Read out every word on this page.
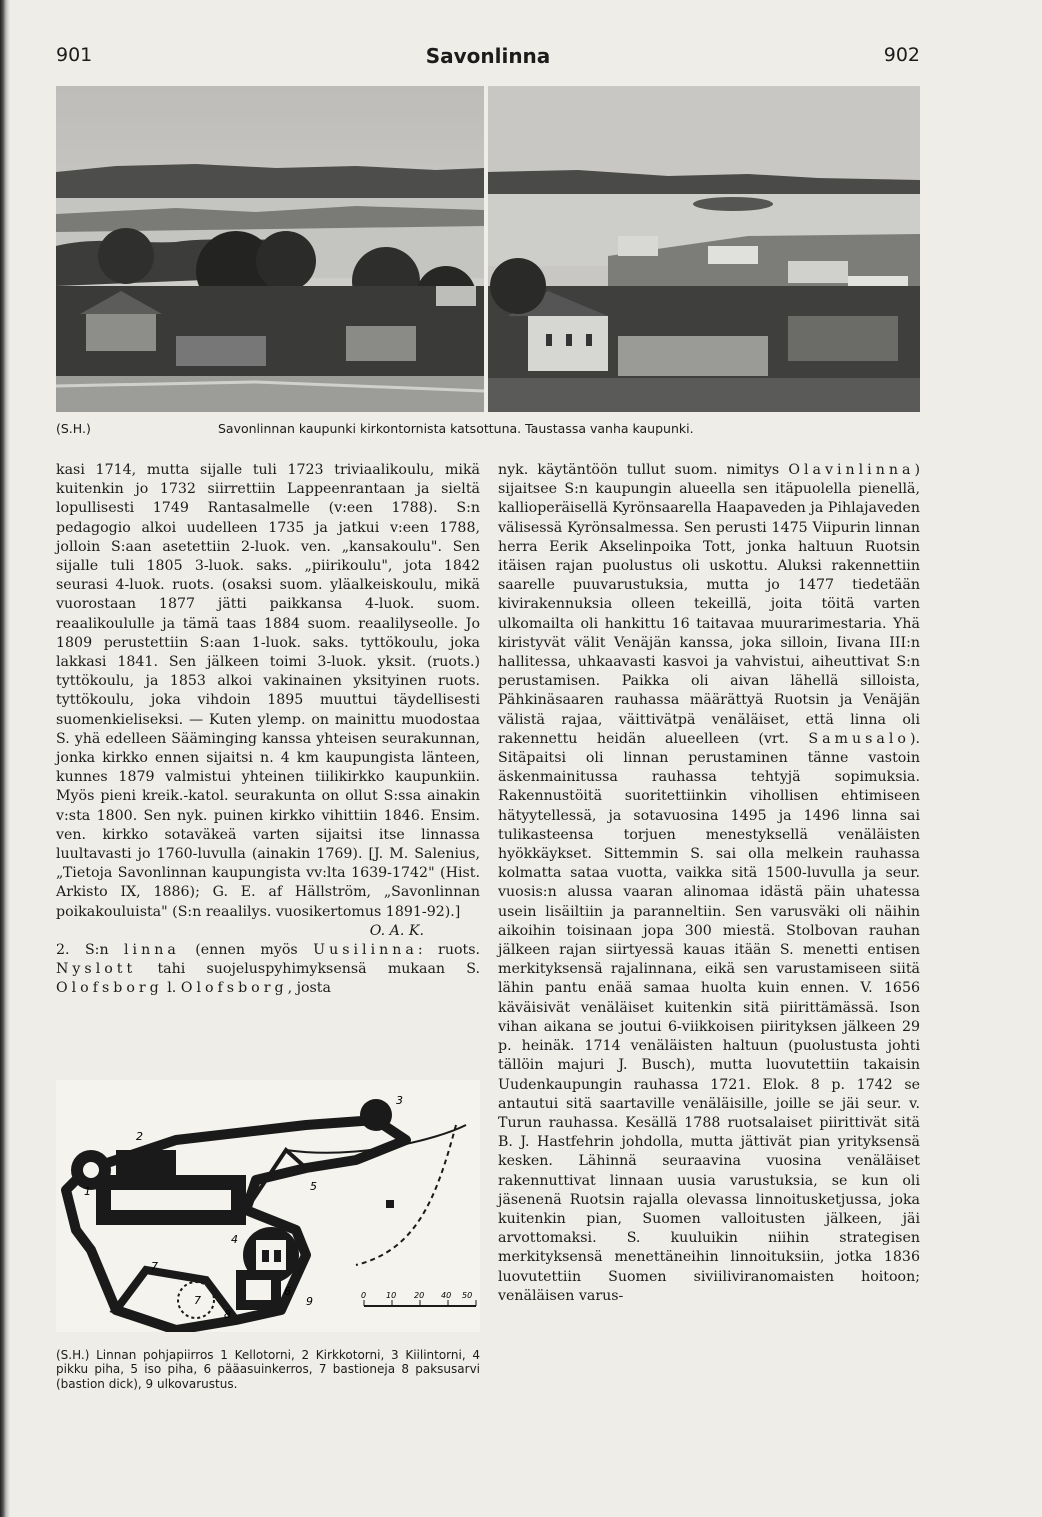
901	Savonlinna	902
(S.H.)	Savonlinnan kaupunki kirkontornista katsottuna. Taustassa vanha kaupunki.

kasi 1714, mutta sijalle tuli 1723 triviaalikoulu, mikä kuitenkin jo 1732 siirrettiin Lappeenrantaan ja sieltä lopullisesti 1749 Rantasalmelle (v:een 1788). S:n pedagogio alkoi uudelleen 1735 ja jatkui v:een 1788, jolloin S:aan asetettiin 2-luok. ven. „kansakoulu". Sen sijalle tuli 1805 3-luok. saks. „piirikoulu", jota 1842 seurasi 4-luok. ruots. (osaksi suom. yläalkeiskoulu, mikä vuorostaan 1877 jätti paikkansa 4-luok. suom. reaalikoululle ja tämä taas 1884 suom. reaalilyseolle. Jo 1809 perustettiin S:aan 1-luok. saks. tyttökoulu, joka lakkasi 1841. Sen jälkeen toimi 3-luok. yksit. (ruots.) tyttökoulu, ja 1853 alkoi vakinainen yksityinen ruots. tyttökoulu, joka vihdoin 1895 muuttui täydellisesti suomenkieliseksi. — Kuten ylemp. on mainittu muodostaa S. yhä edelleen Sääminging kanssa yhteisen seurakunnan, jonka kirkko ennen sijaitsi n. 4 km kaupungista länteen, kunnes 1879 valmistui yhteinen tiilikirkko kaupunkiin. Myös pieni kreik.-katol. seurakunta on ollut S:ssa ainakin v:sta 1800. Sen nyk. puinen kirkko vihittiin 1846. Ensim. ven. kirkko sotaväkeä varten sijaitsi itse linnassa luultavasti jo 1760-luvulla (ainakin 1769). [J. M. Salenius, „Tietoja Savonlinnan kaupungista vv:lta 1639-1742" (Hist. Arkisto IX, 1886); G. E. af Hällström, „Savonlinnan poikakouluista" (S:n reaalilys. vuosikertomus 1891-92).]

O. A. K.

2. S:n linna (ennen myös Uusilinna: ruots. Nyslott tahi suojeluspyhimyksensä mukaan S. Olofsborg l. Olofsborg, josta

2
1
3
4
5
6
7
7
8
9	0 10 20 40 50
(S.H.) Linnan pohjapiirros 1 Kellotorni, 2 Kirkkotorni, 3 Kiilintorni, 4 pikku piha, 5 iso piha, 6 pääasuinkerros, 7 bastioneja 8 paksusarvi (bastion dick), 9 ulkovarustus.

nyk. käytäntöön tullut suom. nimitys Olavinlinna) sijaitsee S:n kaupungin alueella sen itäpuolella pienellä, kallioperäisellä Kyrönsaarella Haapaveden ja Pihlajaveden välisessä Kyrönsalmessa. Sen perusti 1475 Viipurin linnan herra Eerik Akselinpoika Tott, jonka haltuun Ruotsin itäisen rajan puolustus oli uskottu. Aluksi rakennettiin saarelle puuvarustuksia, mutta jo 1477 tiedetään kivirakennuksia olleen tekeillä, joita töitä varten ulkomailta oli hankittu 16 taitavaa muurarimestaria. Yhä kiristyvät välit Venäjän kanssa, joka silloin, Iivana III:n hallitessa, uhkaavasti kasvoi ja vahvistui, aiheuttivat S:n perustamisen. Paikka oli aivan lähellä silloista, Pähkinäsaaren rauhassa määrättyä Ruotsin ja Venäjän välistä rajaa, väittivätpä venäläiset, että linna oli rakennettu heidän alueelleen (vrt. Samusalo). Sitäpaitsi oli linnan perustaminen tänne vastoin äskenmainitussa rauhassa tehtyjä sopimuksia. Rakennustöitä suoritettiinkin vihollisen ehtimiseen hätyytellessä, ja sotavuosina 1495 ja 1496 linna sai tulikasteensa torjuen menestyksellä venäläisten hyökkäykset. Sittemmin S. sai olla melkein rauhassa kolmatta sataa vuotta, vaikka sitä 1500-luvulla ja seur. vuosis:n alussa vaaran alinomaa idästä päin uhatessa usein lisäiltiin ja paranneltiin. Sen varusväki oli näihin aikoihin toisinaan jopa 300 miestä. Stolbovan rauhan jälkeen rajan siirtyessä kauas itään S. menetti entisen merkityksensä rajalinnana, eikä sen varustamiseen siitä lähin pantu enää samaa huolta kuin ennen. V. 1656 käväisivät venäläiset kuitenkin sitä piirittämässä. Ison vihan aikana se joutui 6-viikkoisen piirityksen jälkeen 29 p. heinäk. 1714 venäläisten haltuun (puolustusta johti tällöin majuri J. Busch), mutta luovutettiin takaisin Uudenkaupungin rauhassa 1721. Elok. 8 p. 1742 se antautui sitä saartaville venäläisille, joille se jäi seur. v. Turun rauhassa. Kesällä 1788 ruotsalaiset piirittivät sitä B. J. Hastfehrin johdolla, mutta jättivät pian yrityksensä kesken. Lähinnä seuraavina vuosina venäläiset rakennuttivat linnaan uusia varustuksia, se kun oli jäsenenä Ruotsin rajalla olevassa linnoitusketjussa, joka kuitenkin pian, Suomen valloitusten jälkeen, jäi arvottomaksi. S. kuuluikin niihin strategisen merkityksensä menettäneihin linnoituksiin, jotka 1836 luovutettiin Suomen siviiliviranomaisten hoitoon; venäläisen varus-
